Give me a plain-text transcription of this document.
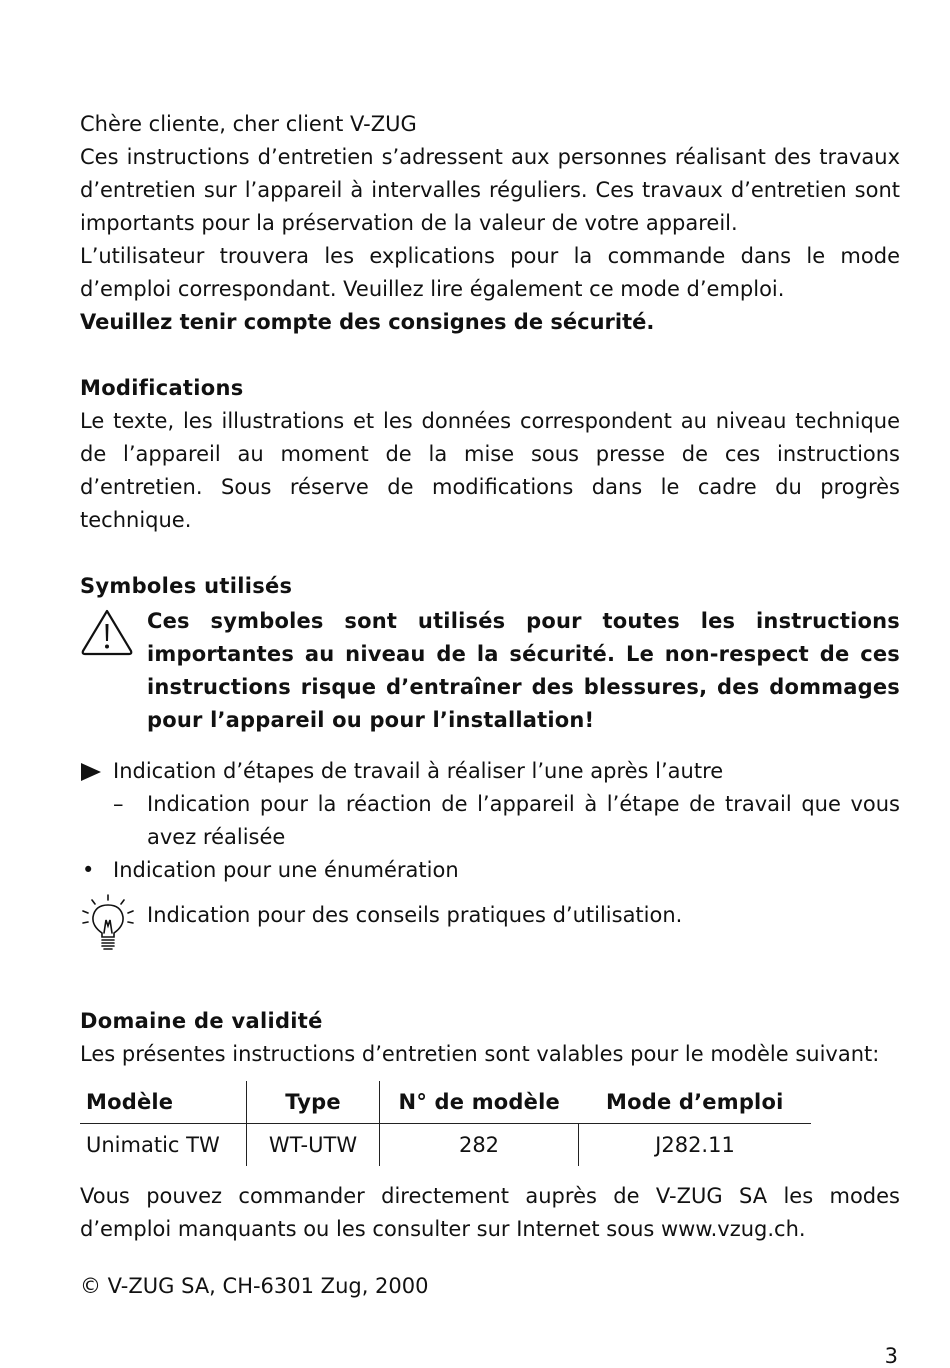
Chère cliente, cher client V-ZUG

Ces instructions d’entretien s’adressent aux personnes réalisant des travaux d’entretien sur l’appareil à intervalles réguliers. Ces travaux d’entretien sont importants pour la préservation de la valeur de votre appareil.

L’utilisateur trouvera les explications pour la commande dans le mode d’emploi correspondant. Veuillez lire également ce mode d’emploi.

Veuillez tenir compte des consignes de sécurité.

Modifications

Le texte, les illustrations et les données correspondent au niveau technique de l’appareil au moment de la mise sous presse de ces instructions d’entretien. Sous réserve de modifications dans le cadre du progrès technique.

Symboles utilisés
Ces symboles sont utilisés pour toutes les instructions importantes au niveau de la sécurité. Le non-respect de ces instructions risque d’entraîner des blessures, des dommages pour l’appareil ou pour l’installation!
Indication d’étapes de travail à réaliser l’une après l’autre
–	Indication pour la réaction de l’appareil à l’étape de travail que vous avez réalisée
• Indication pour une énumération
Indication pour des conseils pratiques d’utilisation.
Domaine de validité

Les présentes instructions d’entretien sont valables pour le modèle suivant:

Modèle	Type	N° de modèle	Mode d’emploi
Unimatic TW	WT-UTW	282	J282.11

Vous pouvez commander directement auprès de V-ZUG SA les modes d’emploi manquants ou les consulter sur Internet sous www.vzug.ch.

© V-ZUG SA, CH-6301 Zug, 2000
3
